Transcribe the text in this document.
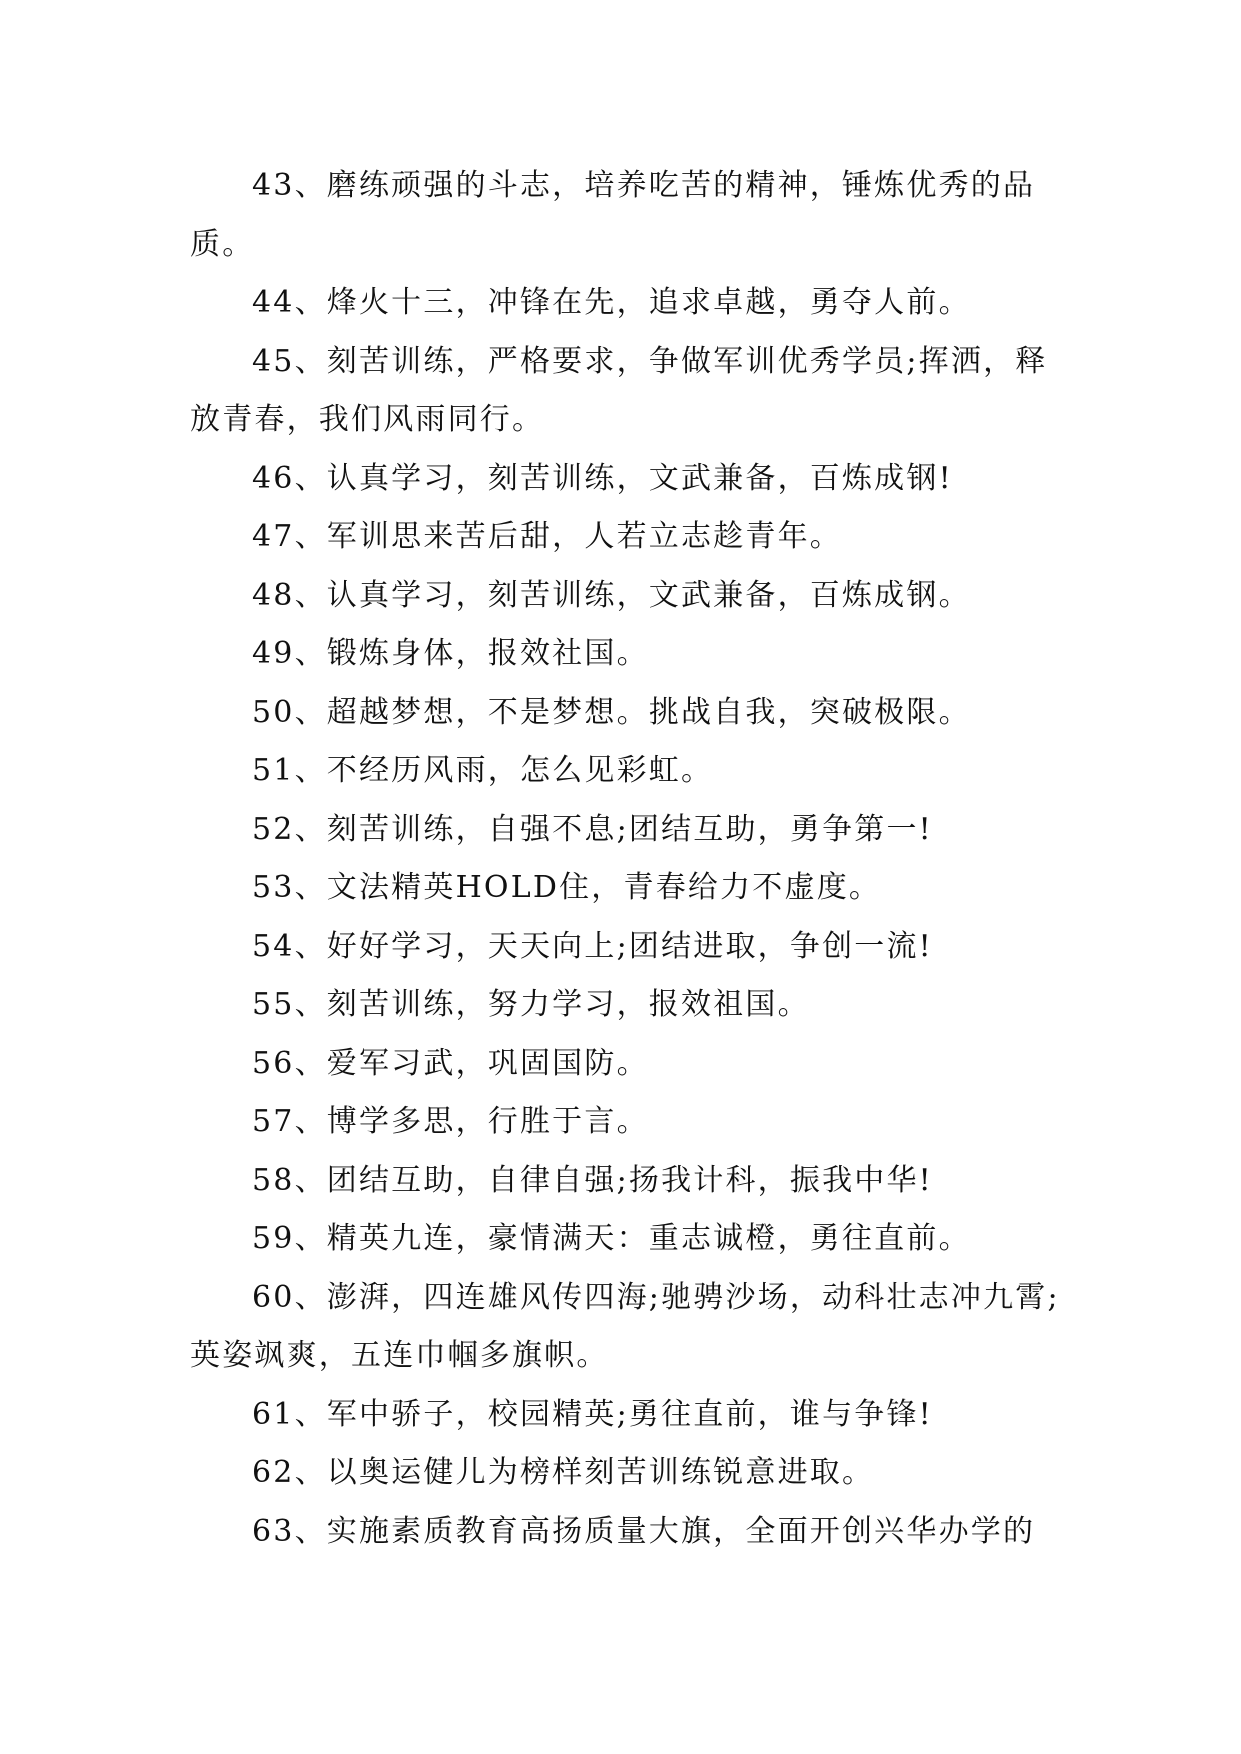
43、磨练顽强的斗志，培养吃苦的精神，锤炼优秀的品质。

44、烽火十三，冲锋在先，追求卓越，勇夺人前。

45、刻苦训练，严格要求，争做军训优秀学员;挥洒，释放青春，我们风雨同行。

46、认真学习，刻苦训练，文武兼备，百炼成钢!

47、军训思来苦后甜，人若立志趁青年。

48、认真学习，刻苦训练，文武兼备，百炼成钢。

49、锻炼身体，报效社国。

50、超越梦想，不是梦想。挑战自我，突破极限。

51、不经历风雨，怎么见彩虹。

52、刻苦训练，自强不息;团结互助，勇争第一!

53、文法精英HOLD住，青春给力不虚度。

54、好好学习，天天向上;团结进取，争创一流!

55、刻苦训练，努力学习，报效祖国。

56、爱军习武，巩固国防。

57、博学多思，行胜于言。

58、团结互助，自律自强;扬我计科，振我中华!

59、精英九连，豪情满天：重志诚橙，勇往直前。

60、澎湃，四连雄风传四海;驰骋沙场，动科壮志冲九霄;英姿飒爽，五连巾帼多旗帜。

61、军中骄子，校园精英;勇往直前，谁与争锋!

62、以奥运健儿为榜样刻苦训练锐意进取。

63、实施素质教育高扬质量大旗，全面开创兴华办学的
